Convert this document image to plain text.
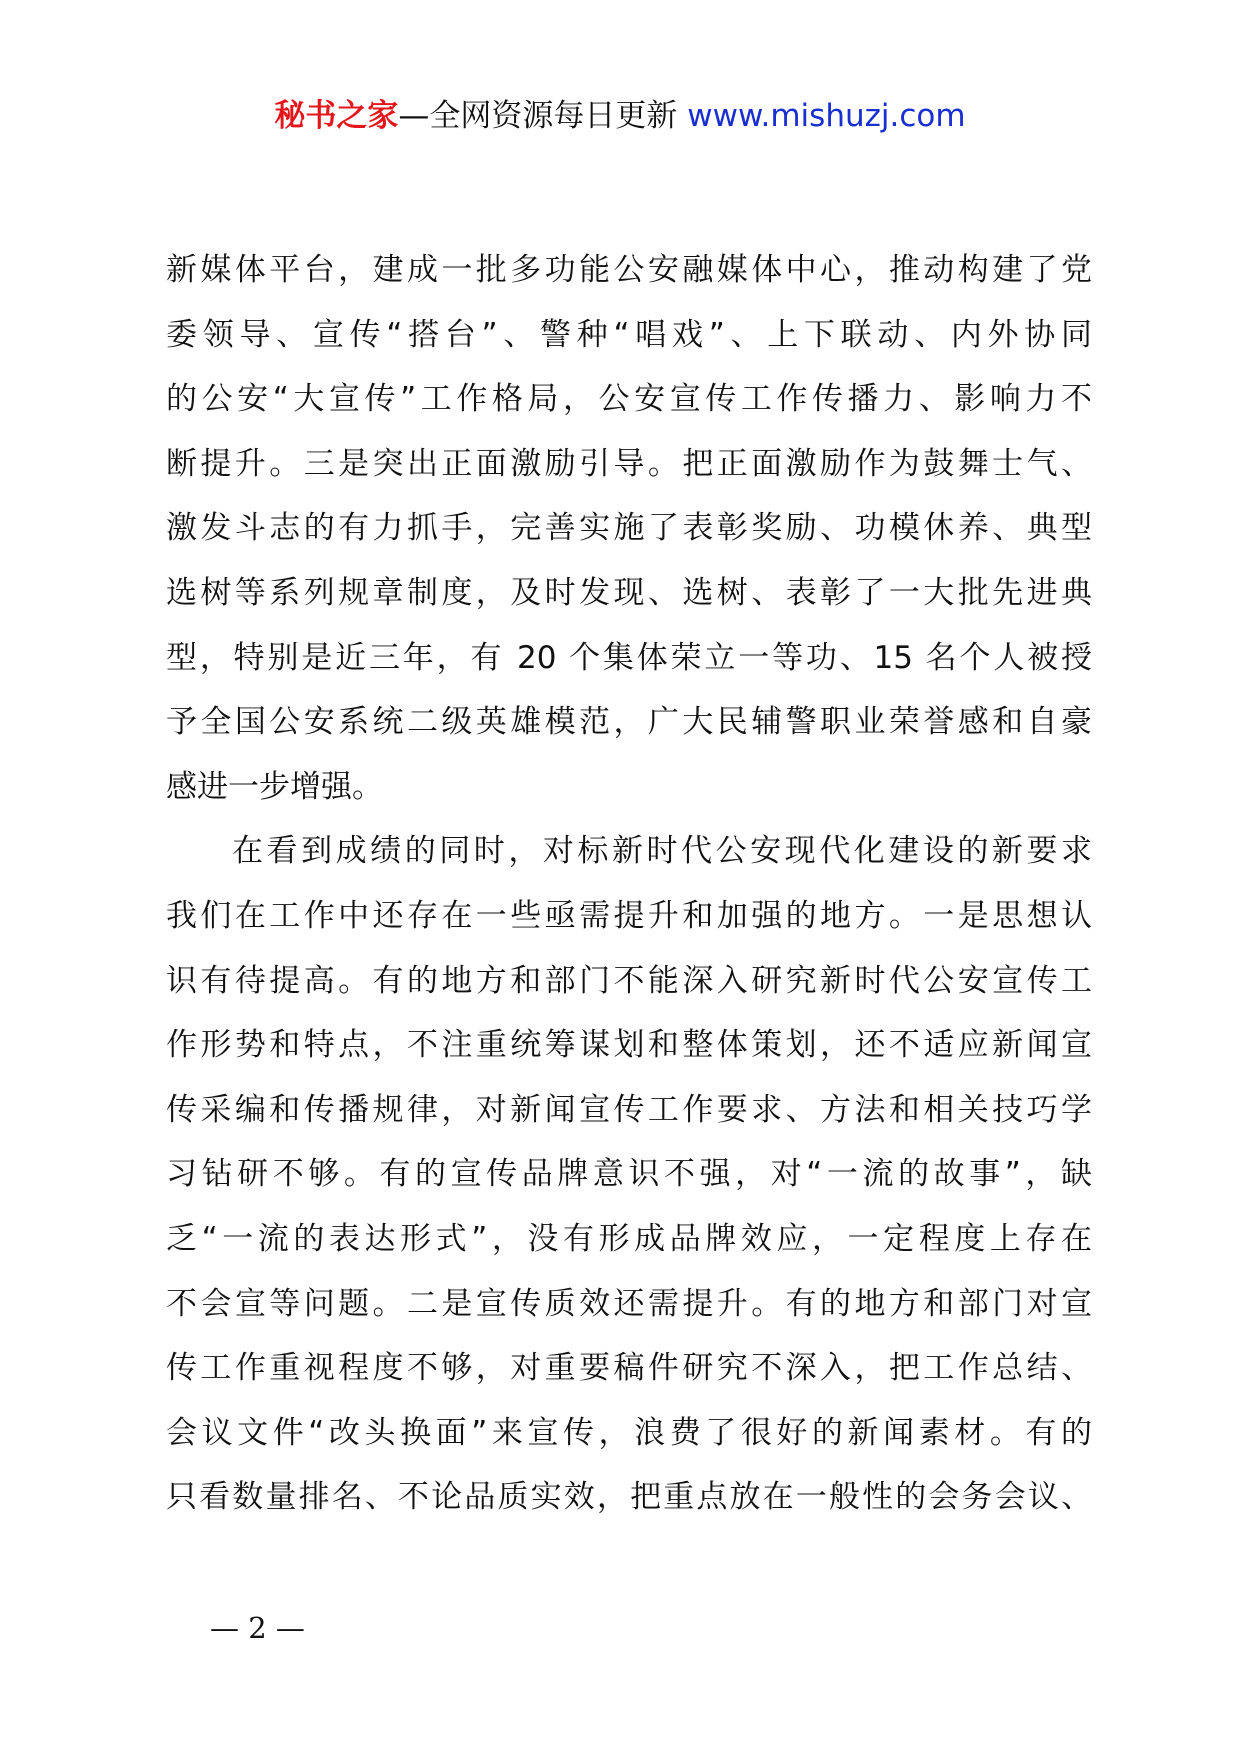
秘书之家—全网资源每日更新 www.mishuzj.com
新媒体平台，建成一批多功能公安融媒体中心，推动构建了党
委领导、宣传“搭台”、警种“唱戏”、上下联动、内外协同
的公安“大宣传”工作格局，公安宣传工作传播力、影响力不
断提升。三是突出正面激励引导。把正面激励作为鼓舞士气、
激发斗志的有力抓手，完善实施了表彰奖励、功模休养、典型
选树等系列规章制度，及时发现、选树、表彰了一大批先进典
型，特别是近三年，有 20 个集体荣立一等功、15 名个人被授
予全国公安系统二级英雄模范，广大民辅警职业荣誉感和自豪
感进一步增强。
在看到成绩的同时，对标新时代公安现代化建设的新要求
我们在工作中还存在一些亟需提升和加强的地方。一是思想认
识有待提高。有的地方和部门不能深入研究新时代公安宣传工
作形势和特点，不注重统筹谋划和整体策划，还不适应新闻宣
传采编和传播规律，对新闻宣传工作要求、方法和相关技巧学
习钻研不够。有的宣传品牌意识不强，对“一流的故事”，缺
乏“一流的表达形式”，没有形成品牌效应，一定程度上存在
不会宣等问题。二是宣传质效还需提升。有的地方和部门对宣
传工作重视程度不够，对重要稿件研究不深入，把工作总结、
会议文件“改头换面”来宣传，浪费了很好的新闻素材。有的
只看数量排名、不论品质实效，把重点放在一般性的会务会议、
— 2 —
